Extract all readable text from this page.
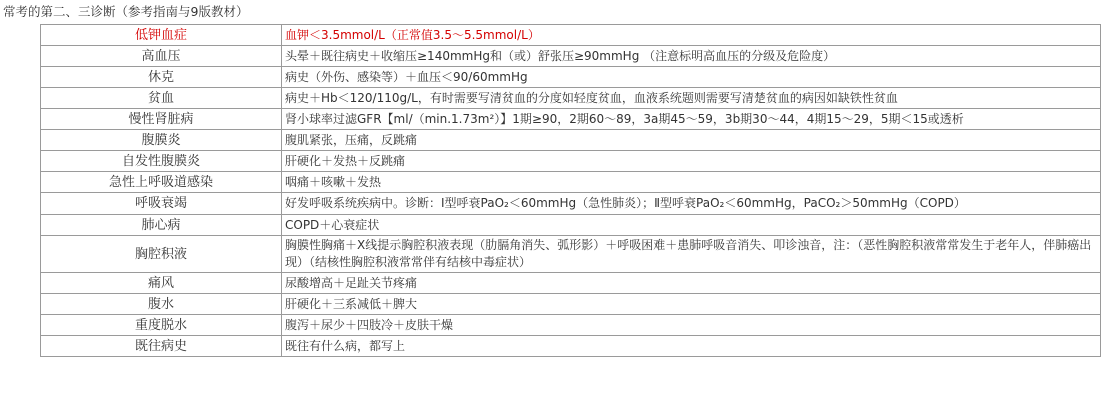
常考的第二、三诊断（参考指南与9版教材）
低钾血症	血钾＜3.5mmol/L（正常值3.5～5.5mmol/L）
高血压	头晕＋既往病史＋收缩压≥140mmHg和（或）舒张压≥90mmHg （注意标明高血压的分级及危险度）
休克	病史（外伤、感染等）＋血压＜90/60mmHg
贫血	病史＋Hb＜120/110g/L，有时需要写清贫血的分度如轻度贫血，血液系统题则需要写清楚贫血的病因如缺铁性贫血
慢性肾脏病	肾小球率过滤GFR【ml/（min.1.73m²）】1期≥90，2期60～89，3a期45～59，3b期30～44，4期15～29，5期＜15或透析
腹膜炎	腹肌紧张，压痛，反跳痛
自发性腹膜炎	肝硬化＋发热＋反跳痛
急性上呼吸道感染	咽痛＋咳嗽＋发热
呼吸衰竭	好发呼吸系统疾病中。诊断：Ⅰ型呼衰PaO₂＜60mmHg（急性肺炎）；Ⅱ型呼衰PaO₂＜60mmHg，PaCO₂＞50mmHg（COPD）
肺心病	COPD＋心衰症状
胸腔积液	胸膜性胸痛＋X线提示胸腔积液表现（肋膈角消失、弧形影）＋呼吸困难＋患肺呼吸音消失、叩诊浊音，注：（恶性胸腔积液常常发生于老年人，伴肺癌出现）（结核性胸腔积液常常伴有结核中毒症状）
痛风	尿酸增高＋足趾关节疼痛
腹水	肝硬化＋三系减低＋脾大
重度脱水	腹泻＋尿少＋四肢冷＋皮肤干燥
既往病史	既往有什么病，都写上
